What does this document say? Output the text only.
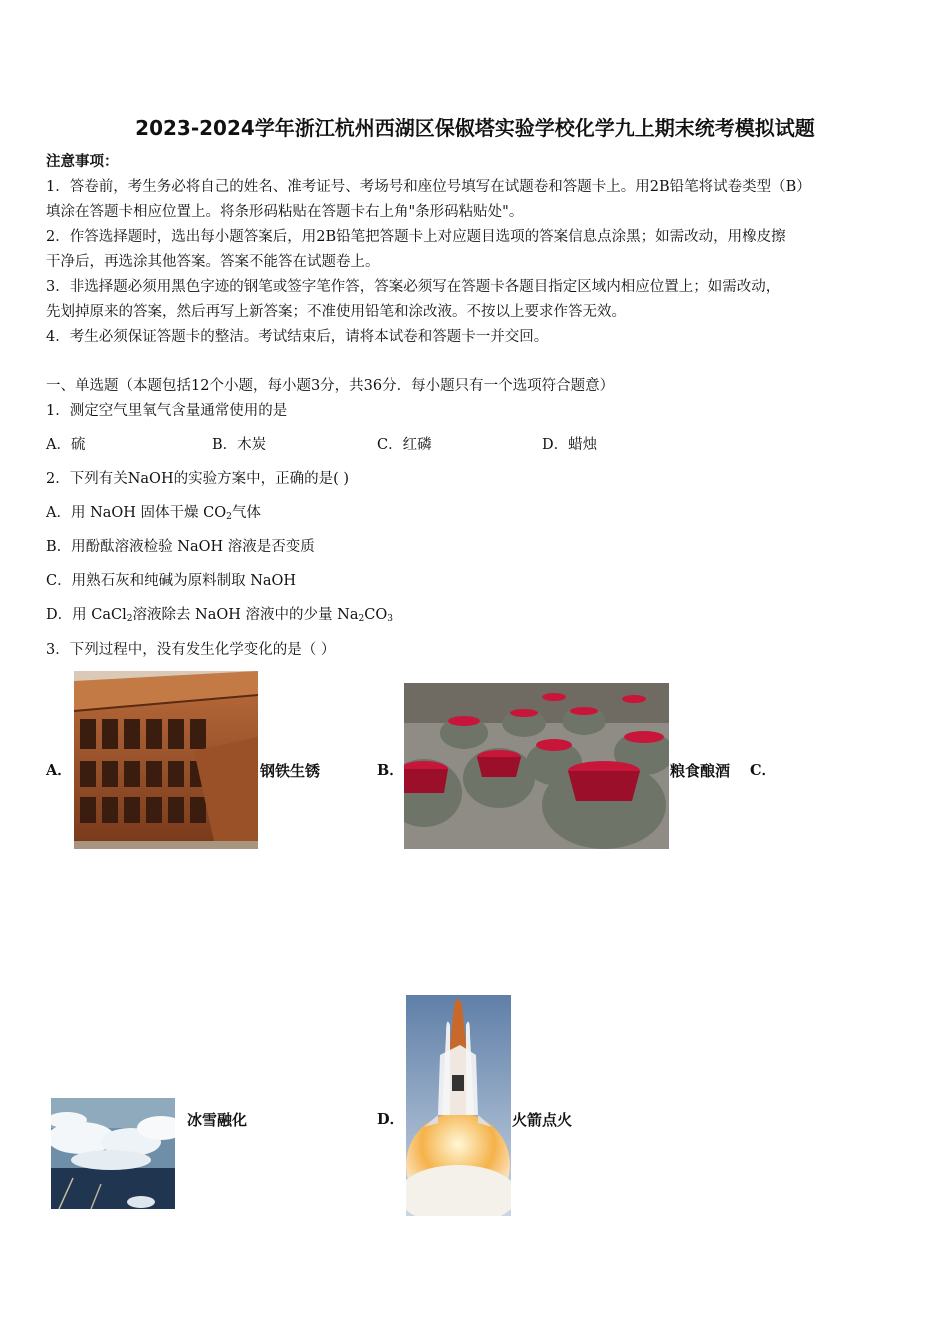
2023-2024学年浙江杭州西湖区保俶塔实验学校化学九上期末统考模拟试题
注意事项：
1．答卷前，考生务必将自己的姓名、准考证号、考场号和座位号填写在试题卷和答题卡上。用2B铅笔将试卷类型（B）
填涂在答题卡相应位置上。将条形码粘贴在答题卡右上角"条形码粘贴处"。
2．作答选择题时，选出每小题答案后，用2B铅笔把答题卡上对应题目选项的答案信息点涂黑；如需改动，用橡皮擦
干净后，再选涂其他答案。答案不能答在试题卷上。
3．非选择题必须用黑色字迹的钢笔或签字笔作答，答案必须写在答题卡各题目指定区域内相应位置上；如需改动，
先划掉原来的答案，然后再写上新答案；不准使用铅笔和涂改液。不按以上要求作答无效。
4．考生必须保证答题卡的整洁。考试结束后，请将本试卷和答题卡一并交回。
一、单选题（本题包括12个小题，每小题3分，共36分．每小题只有一个选项符合题意）
1．测定空气里氧气含量通常使用的是
A．硫	B．木炭	C．红磷	D．蜡烛
2．下列有关NaOH的实验方案中，正确的是( )
A．用 NaOH 固体干燥 $CO_2$气体
B．用酚酞溶液检验 NaOH 溶液是否变质
C．用熟石灰和纯碱为原料制取 NaOH
D．用 CaCl$_2$溶液除去 NaOH 溶液中的少量 $Na_2CO_3$
3．下列过程中，没有发生化学变化的是（ ）
A．	钢铁生锈	B．	粮食酿酒 C．
冰雪融化	D．	火箭点火
